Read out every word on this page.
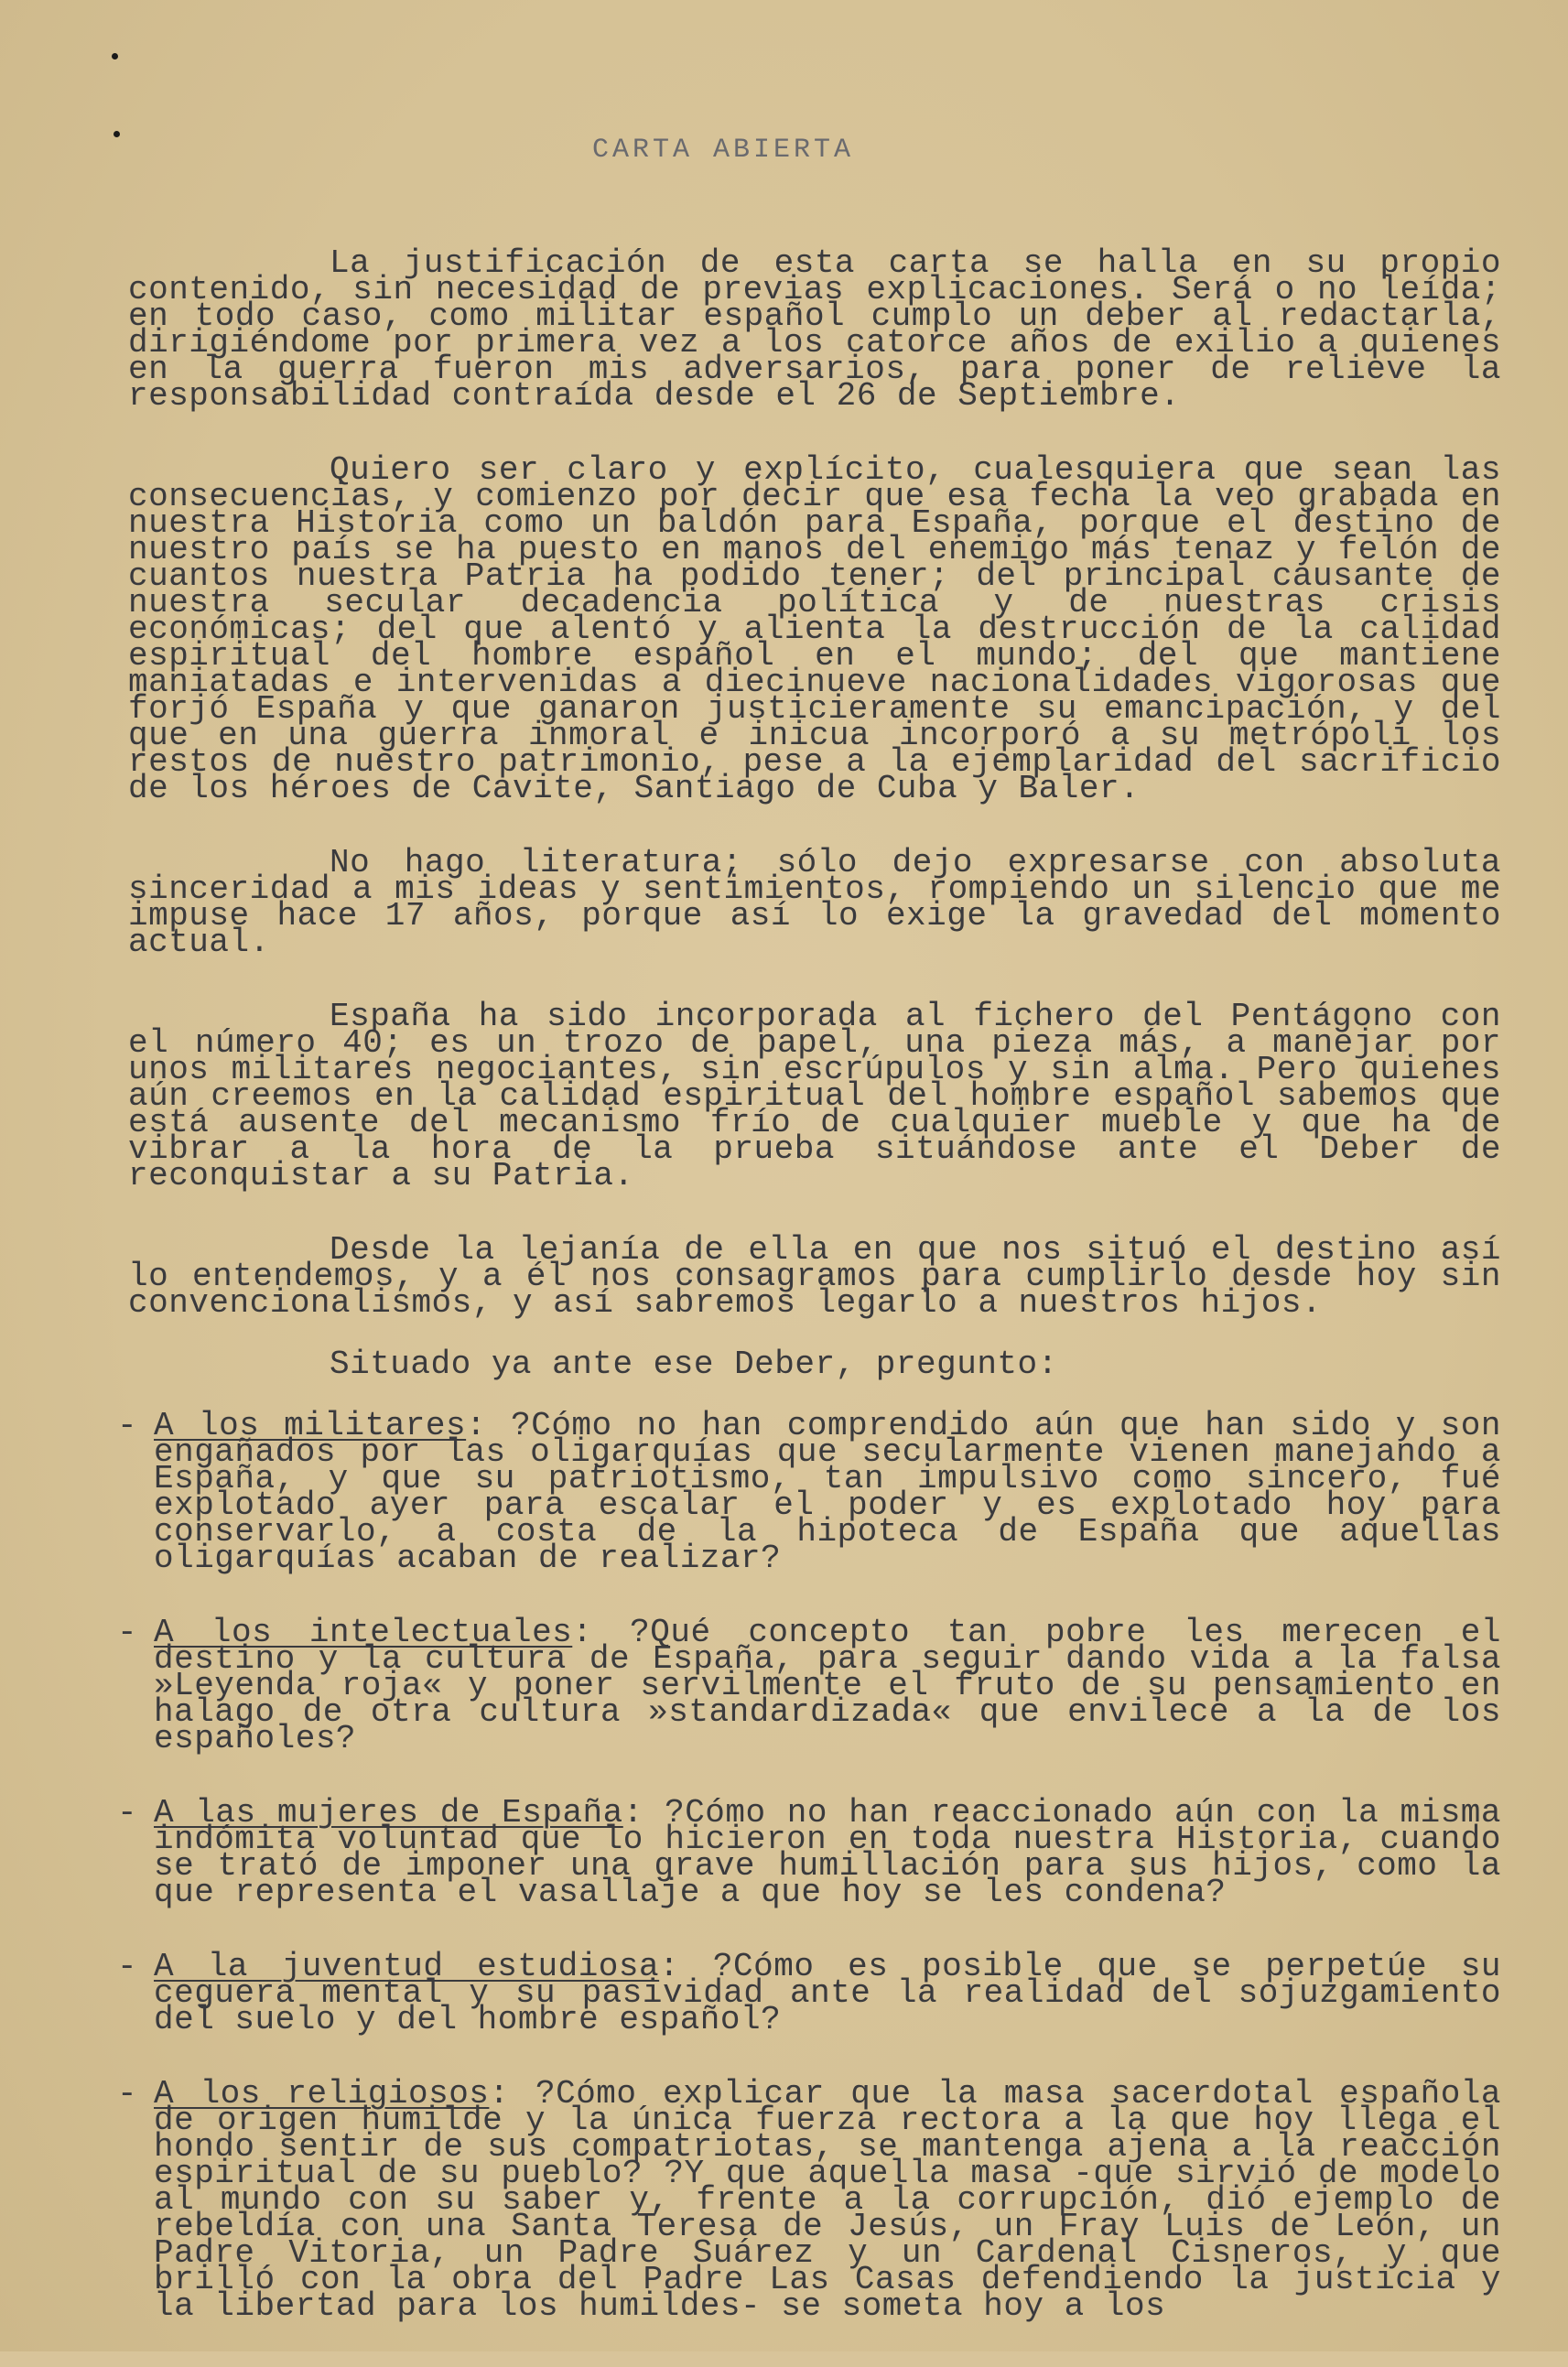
CARTA ABIERTA

La justificación de esta carta se halla en su propio contenido, sin necesidad de previas explicaciones. Será o no leída; en todo caso, como militar español cumplo un deber al redactarla, dirigiéndome por primera vez a los catorce años de exilio a quienes en la guerra fueron mis adversarios, para poner de relieve la responsabilidad contraída desde el 26 de Septiembre.

Quiero ser claro y explícito, cualesquiera que sean las consecuencias, y comienzo por decir que esa fecha la veo grabada en nuestra Historia como un baldón para España, porque el destino de nuestro país se ha puesto en manos del enemigo más tenaz y felón de cuantos nuestra Patria ha podido tener; del principal causante de nuestra secular decadencia política y de nuestras crisis económicas; del que alentó y alienta la destrucción de la calidad espiritual del hombre español en el mundo; del que mantiene maniatadas e intervenidas a diecinueve nacionalidades vigorosas que forjó España y que ganaron justicieramente su emancipación, y del que en una guerra inmoral e inicua incorporó a su metrópoli los restos de nuestro patrimonio, pese a la ejemplaridad del sacrificio de los héroes de Cavite, Santiago de Cuba y Baler.

No hago literatura; sólo dejo expresarse con absoluta sinceridad a mis ideas y sentimientos, rompiendo un silencio que me impuse hace 17 años, porque así lo exige la gravedad del momento actual.

España ha sido incorporada al fichero del Pentágono con el número 40; es un trozo de papel, una pieza más, a manejar por unos militares negociantes, sin escrúpulos y sin alma. Pero quienes aún creemos en la calidad espiritual del hombre español sabemos que está ausente del mecanismo frío de cualquier mueble y que ha de vibrar a la hora de la prueba situándose ante el Deber de reconquistar a su Patria.

Desde la lejanía de ella en que nos situó el destino así lo entendemos, y a él nos consagramos para cumplirlo desde hoy sin convencionalismos, y así sabremos legarlo a nuestros hijos.

Situado ya ante ese Deber, pregunto:

- A los militares: ?Cómo no han comprendido aún que han sido y son engañados por las oligarquías que secularmente vienen manejando a España, y que su patriotismo, tan impulsivo como sincero, fué explotado ayer para escalar el poder y es explotado hoy para conservarlo, a costa de la hipoteca de España que aquellas oligarquías acaban de realizar?
- A los intelectuales: ?Qué concepto tan pobre les merecen el destino y la cultura de España, para seguir dando vida a la falsa »Leyenda roja« y poner servilmente el fruto de su pensamiento en halago de otra cultura »standardizada« que envilece a la de los españoles?
- A las mujeres de España: ?Cómo no han reaccionado aún con la misma indómita voluntad que lo hicieron en toda nuestra Historia, cuando se trató de imponer una grave humillación para sus hijos, como la que representa el vasallaje a que hoy se les condena?
- A la juventud estudiosa: ?Cómo es posible que se perpetúe su ceguera mental y su pasividad ante la realidad del sojuzgamiento del suelo y del hombre español?
- A los religiosos: ?Cómo explicar que la masa sacerdotal española de origen humilde y la única fuerza rectora a la que hoy llega el hondo sentir de sus compatriotas, se mantenga ajena a la reacción espiritual de su pueblo? ?Y que aquella masa -que sirvió de modelo al mundo con su saber y, frente a la corrupción, dió ejemplo de rebeldía con una Santa Teresa de Jesús, un Fray Luis de León, un Padre Vitoria, un Padre Suárez y un Cardenal Cisneros, y que brilló con la obra del Padre Las Casas defendiendo la justicia y la libertad para los humildes- se someta hoy a los
